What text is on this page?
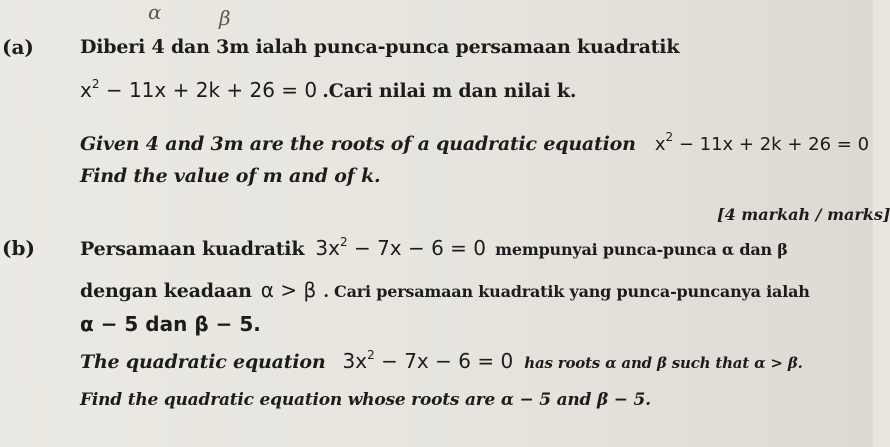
α	β
(a) Diberi 4 dan 3m ialah punca-punca persamaan kuadratik
$x^2 - 11x + 2k + 26 = 0$ .Cari nilai m dan nilai k.
Given 4 and 3m are the roots of a quadratic equation $x^2 - 11x + 2k + 26 = 0$
Find the value of m and of k.
[4 markah / marks]
(b) Persamaan kuadratik $3x^2 - 7x - 6 = 0$ mempunyai punca-punca α dan β
dengan keadaan α > β . Cari persamaan kuadratik yang punca-puncanya ialah
α − 5 dan β − 5.
The quadratic equation $3x^2 - 7x - 6 = 0$ has roots α and β such that α > β.
Find the quadratic equation whose roots are α − 5 and β − 5.
